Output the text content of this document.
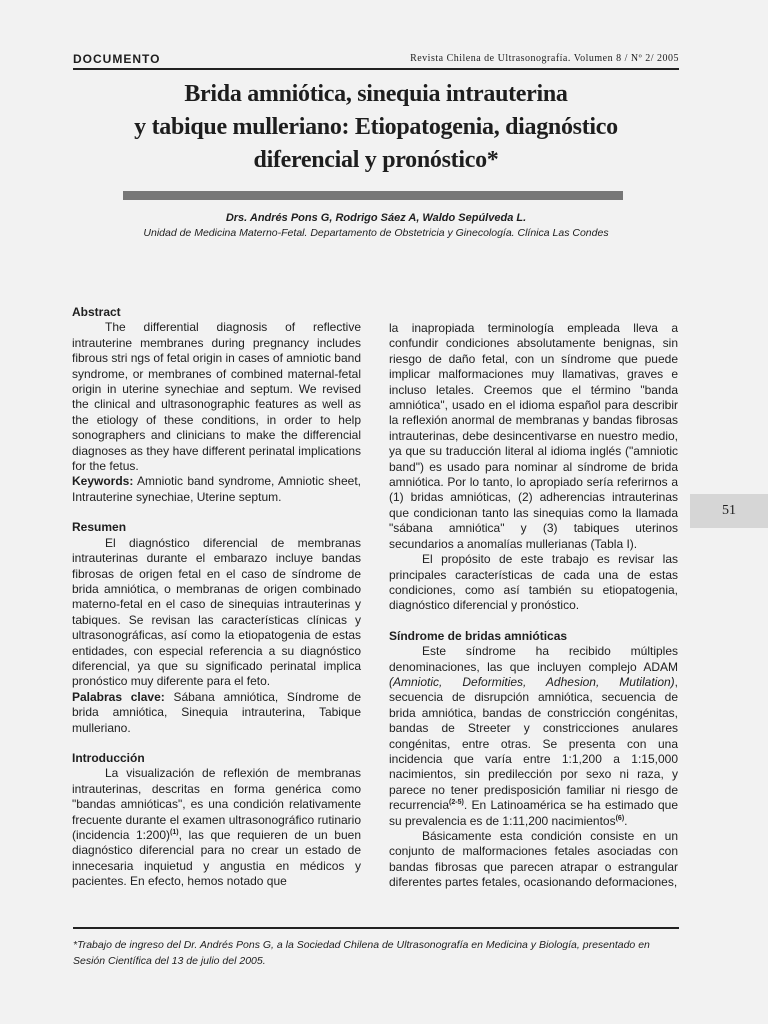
DOCUMENTO	Revista Chilena de Ultrasonografía. Volumen 8 / Nº 2/ 2005
Brida amniótica, sinequia intrauterina
y tabique mulleriano: Etiopatogenia, diagnóstico
diferencial y pronóstico*
Drs. Andrés Pons G, Rodrigo Sáez A, Waldo Sepúlveda L.
Unidad de Medicina Materno-Fetal. Departamento de Obstetricia y Ginecología. Clínica Las Condes
Abstract

The differential diagnosis of reflective intrauterine membranes during pregnancy includes fibrous stri ngs of fetal origin in cases of amniotic band syndrome, or membranes of combined maternal-fetal origin in uterine synechiae and septum. We revised the clinical and ultrasonographic features as well as the etiology of these conditions, in order to help sonographers and clinicians to make the differencial diagnoses as they have different perinatal implications for the fetus.

Keywords: Amniotic band syndrome, Amniotic sheet, Intrauterine synechiae, Uterine septum.

Resumen

El diagnóstico diferencial de membranas intrauterinas durante el embarazo incluye bandas fibrosas de origen fetal en el caso de síndrome de brida amniótica, o membranas de origen combinado materno-fetal en el caso de sinequias intrauterinas y tabiques. Se revisan las características clínicas y ultrasonográficas, así como la etiopatogenia de estas entidades, con especial referencia a su diagnóstico diferencial, ya que su significado perinatal implica pronóstico muy diferente para el feto.

Palabras clave: Sábana amniótica, Síndrome de brida amniótica, Sinequia intrauterina, Tabique mulleriano.

Introducción

La visualización de reflexión de membranas intrauterinas, descritas en forma genérica como "bandas amnióticas", es una condición relativamente frecuente durante el examen ultrasonográfico rutinario (incidencia 1:200)$^{(1)}$, las que requieren de un buen diagnóstico diferencial para no crear un estado de innecesaria inquietud y angustia en médicos y pacientes. En efecto, hemos notado que

la inapropiada terminología empleada lleva a confundir condiciones absolutamente benignas, sin riesgo de daño fetal, con un síndrome que puede implicar malformaciones muy llamativas, graves e incluso letales. Creemos que el término "banda amniótica", usado en el idioma español para describir la reflexión anormal de membranas y bandas fibrosas intrauterinas, debe desincentivarse en nuestro medio, ya que su traducción literal al idioma inglés ("amniotic band") es usado para nominar al síndrome de brida amniótica. Por lo tanto, lo apropiado sería referirnos a (1) bridas amnióticas, (2) adherencias intrauterinas que condicionan tanto las sinequias como la llamada "sábana amniótica" y (3) tabiques uterinos secundarios a anomalías mullerianas (Tabla I).

El propósito de este trabajo es revisar las principales características de cada una de estas condiciones, como así también su etiopatogenia, diagnóstico diferencial y pronóstico.

Síndrome de bridas amnióticas

Este síndrome ha recibido múltiples denominaciones, las que incluyen complejo ADAM (Amniotic, Deformities, Adhesion, Mutilation), secuencia de disrupción amniótica, secuencia de brida amniótica, bandas de constricción congénitas, bandas de Streeter y constricciones anulares congénitas, entre otras. Se presenta con una incidencia que varía entre 1:1,200 a 1:15,000 nacimientos, sin predilección por sexo ni raza, y parece no tener predisposición familiar ni riesgo de recurrencia$^{(2-5)}$. En Latinoamérica se ha estimado que su prevalencia es de 1:11,200 nacimientos$^{(6)}$.

Básicamente esta condición consiste en un conjunto de malformaciones fetales asociadas con bandas fibrosas que parecen atrapar o estrangular diferentes partes fetales, ocasionando deformaciones,

51
*Trabajo de ingreso del Dr. Andrés Pons G, a la Sociedad Chilena de Ultrasonografía en Medicina y Biología, presentado en Sesión Científica del 13 de julio del 2005.
